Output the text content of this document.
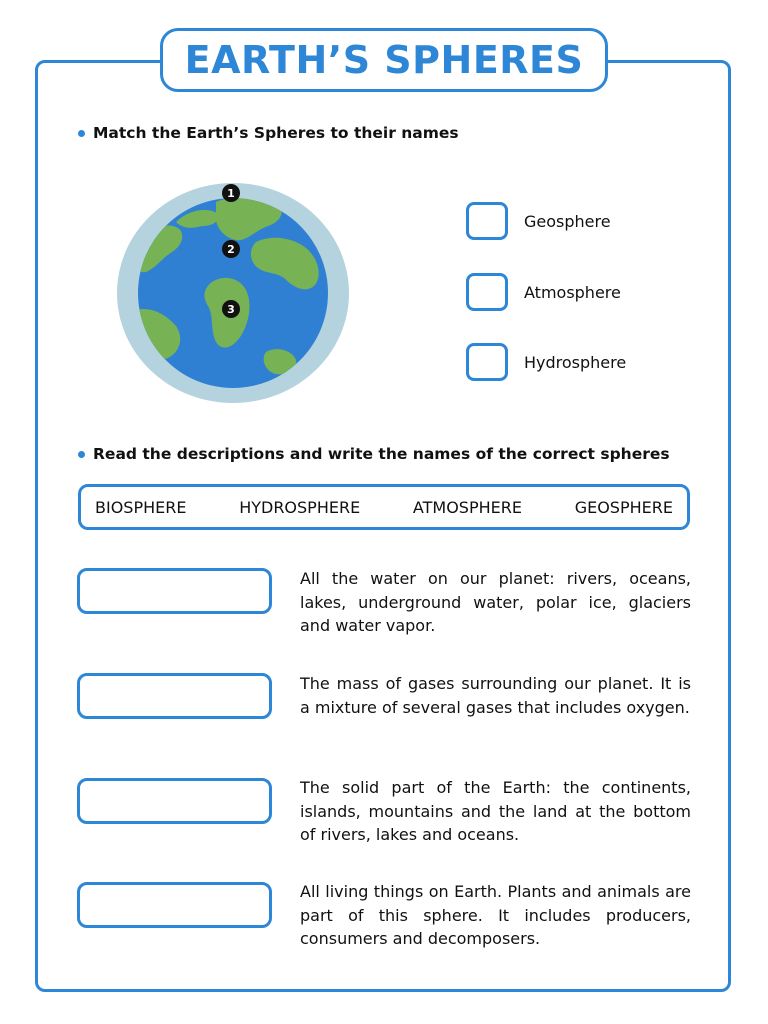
EARTH’S SPHERES
Match the Earth’s Spheres to their names
1
2
3
Geosphere
Atmosphere
Hydrosphere
Read the descriptions and write the names of the correct spheres
BIOSPHERE	HYDROSPHERE	ATMOSPHERE	GEOSPHERE
All the water on our planet: rivers, oceans, lakes, underground water, polar ice, glaciers and water vapor.
The mass of gases surrounding our planet. It is a mixture of several gases that includes oxygen.
The solid part of the Earth: the continents, islands, mountains and the land at the bottom of rivers, lakes and oceans.
All living things on Earth. Plants and animals are part of this sphere. It includes producers, consumers and decomposers.
